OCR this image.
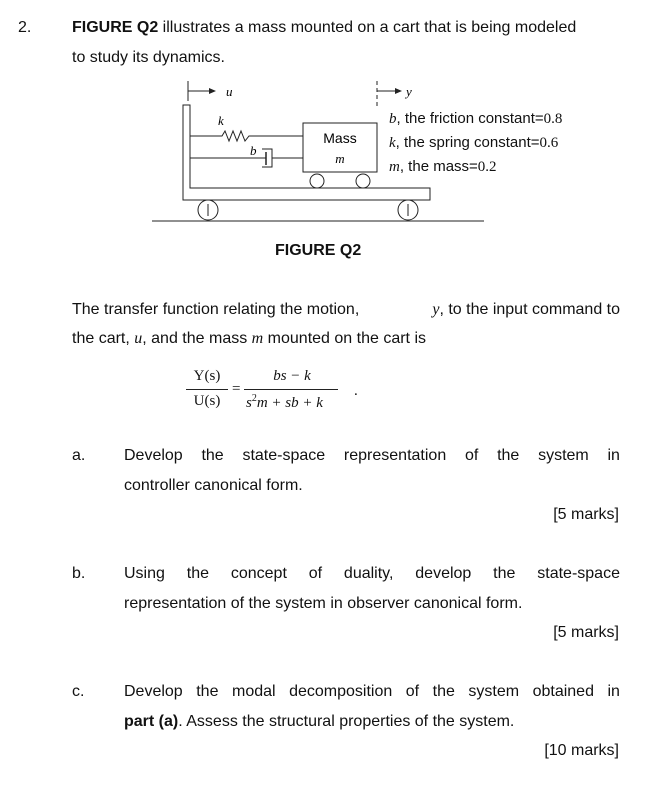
2.	FIGURE Q2 illustrates a mass mounted on a cart that is being modeled
to study its dynamics.
u	y
k
b
Mass
m
b, the friction constant=0.8
k, the spring constant=0.6
m, the mass=0.2
FIGURE Q2
The transfer function relating the motion,	y, to the input command to
the cart, u, and the mass m mounted on the cart is
Y(s)
U(s)
=
bs − k
$s^2m$ + sb + k
.
a. Develop the state-space representation of the system in
controller canonical form.
[5 marks]
b. Using the concept of duality, develop the state-space
representation of the system in observer canonical form.
[5 marks]
c. Develop the modal decomposition of the system obtained in
part (a). Assess the structural properties of the system.
[10 marks]
